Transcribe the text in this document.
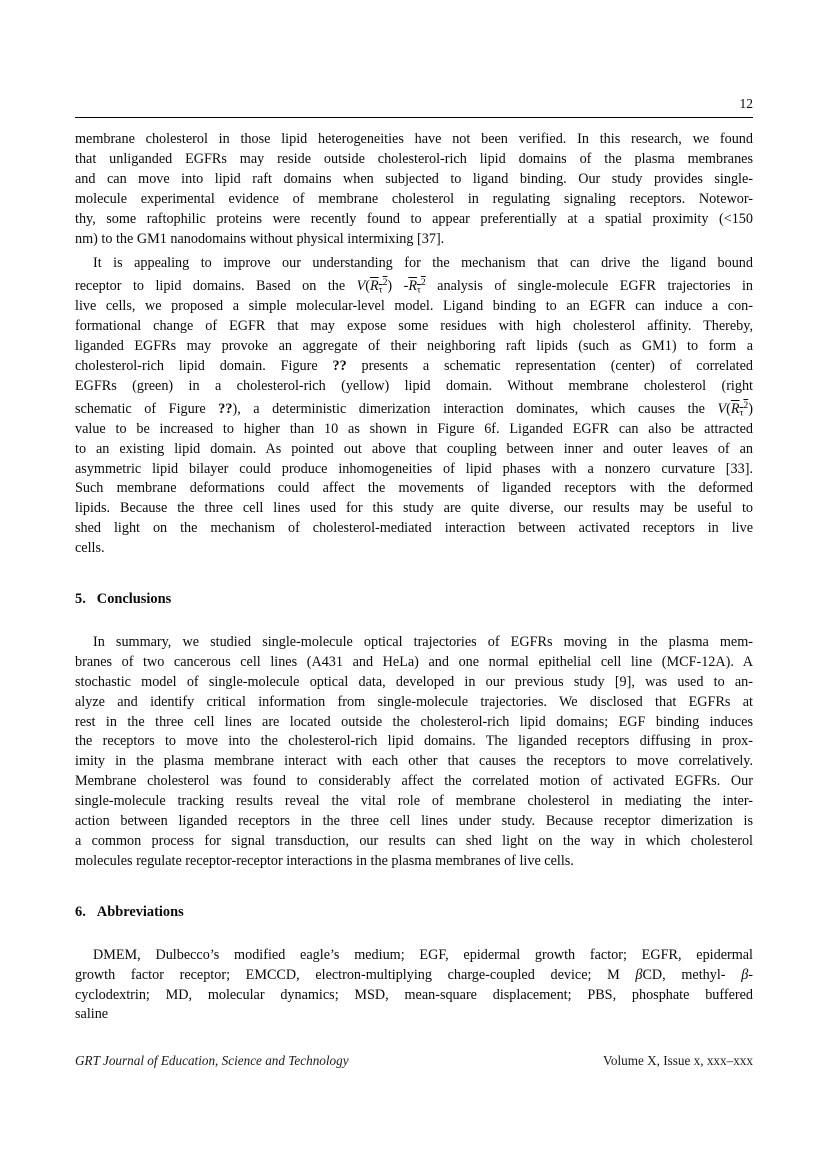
12
membrane cholesterol in those lipid heterogeneities have not been verified. In this research, we found
that unliganded EGFRs may reside outside cholesterol-rich lipid domains of the plasma membranes
and can move into lipid raft domains when subjected to ligand binding. Our study provides single-
molecule experimental evidence of membrane cholesterol in regulating signaling receptors. Notewor-
thy, some raftophilic proteins were recently found to appear preferentially at a spatial proximity (<150
nm) to the GM1 nanodomains without physical intermixing [37].
It is appealing to improve our understanding for the mechanism that can drive the ligand bound
receptor to lipid domains. Based on the $V(R_\tau^2)$ $-R_\tau^2$ analysis of single-molecule EGFR trajectories in
live cells, we proposed a simple molecular-level model. Ligand binding to an EGFR can induce a con-
formational change of EGFR that may expose some residues with high cholesterol affinity. Thereby,
liganded EGFRs may provoke an aggregate of their neighboring raft lipids (such as GM1) to form a
cholesterol-rich lipid domain. Figure ?? presents a schematic representation (center) of correlated
EGFRs (green) in a cholesterol-rich (yellow) lipid domain. Without membrane cholesterol (right
schematic of Figure ??), a deterministic dimerization interaction dominates, which causes the $V(R_\tau^2)$
value to be increased to higher than 10 as shown in Figure 6f. Liganded EGFR can also be attracted
to an existing lipid domain. As pointed out above that coupling between inner and outer leaves of an
asymmetric lipid bilayer could produce inhomogeneities of lipid phases with a nonzero curvature [33].
Such membrane deformations could affect the movements of liganded receptors with the deformed
lipids. Because the three cell lines used for this study are quite diverse, our results may be useful to
shed light on the mechanism of cholesterol-mediated interaction between activated receptors in live
cells.
5. Conclusions
In summary, we studied single-molecule optical trajectories of EGFRs moving in the plasma mem-
branes of two cancerous cell lines (A431 and HeLa) and one normal epithelial cell line (MCF-12A). A
stochastic model of single-molecule optical data, developed in our previous study [9], was used to an-
alyze and identify critical information from single-molecule trajectories. We disclosed that EGFRs at
rest in the three cell lines are located outside the cholesterol-rich lipid domains; EGF binding induces
the receptors to move into the cholesterol-rich lipid domains. The liganded receptors diffusing in prox-
imity in the plasma membrane interact with each other that causes the receptors to move correlatively.
Membrane cholesterol was found to considerably affect the correlated motion of activated EGFRs. Our
single-molecule tracking results reveal the vital role of membrane cholesterol in mediating the inter-
action between liganded receptors in the three cell lines under study. Because receptor dimerization is
a common process for signal transduction, our results can shed light on the way in which cholesterol
molecules regulate receptor-receptor interactions in the plasma membranes of live cells.
6. Abbreviations
DMEM, Dulbecco’s modified eagle’s medium; EGF, epidermal growth factor; EGFR, epidermal
growth factor receptor; EMCCD, electron-multiplying charge-coupled device; M βCD, methyl- β-
cyclodextrin; MD, molecular dynamics; MSD, mean-square displacement; PBS, phosphate buffered
saline
GRT Journal of Education, Science and Technology	Volume X, Issue x, xxx–xxx
